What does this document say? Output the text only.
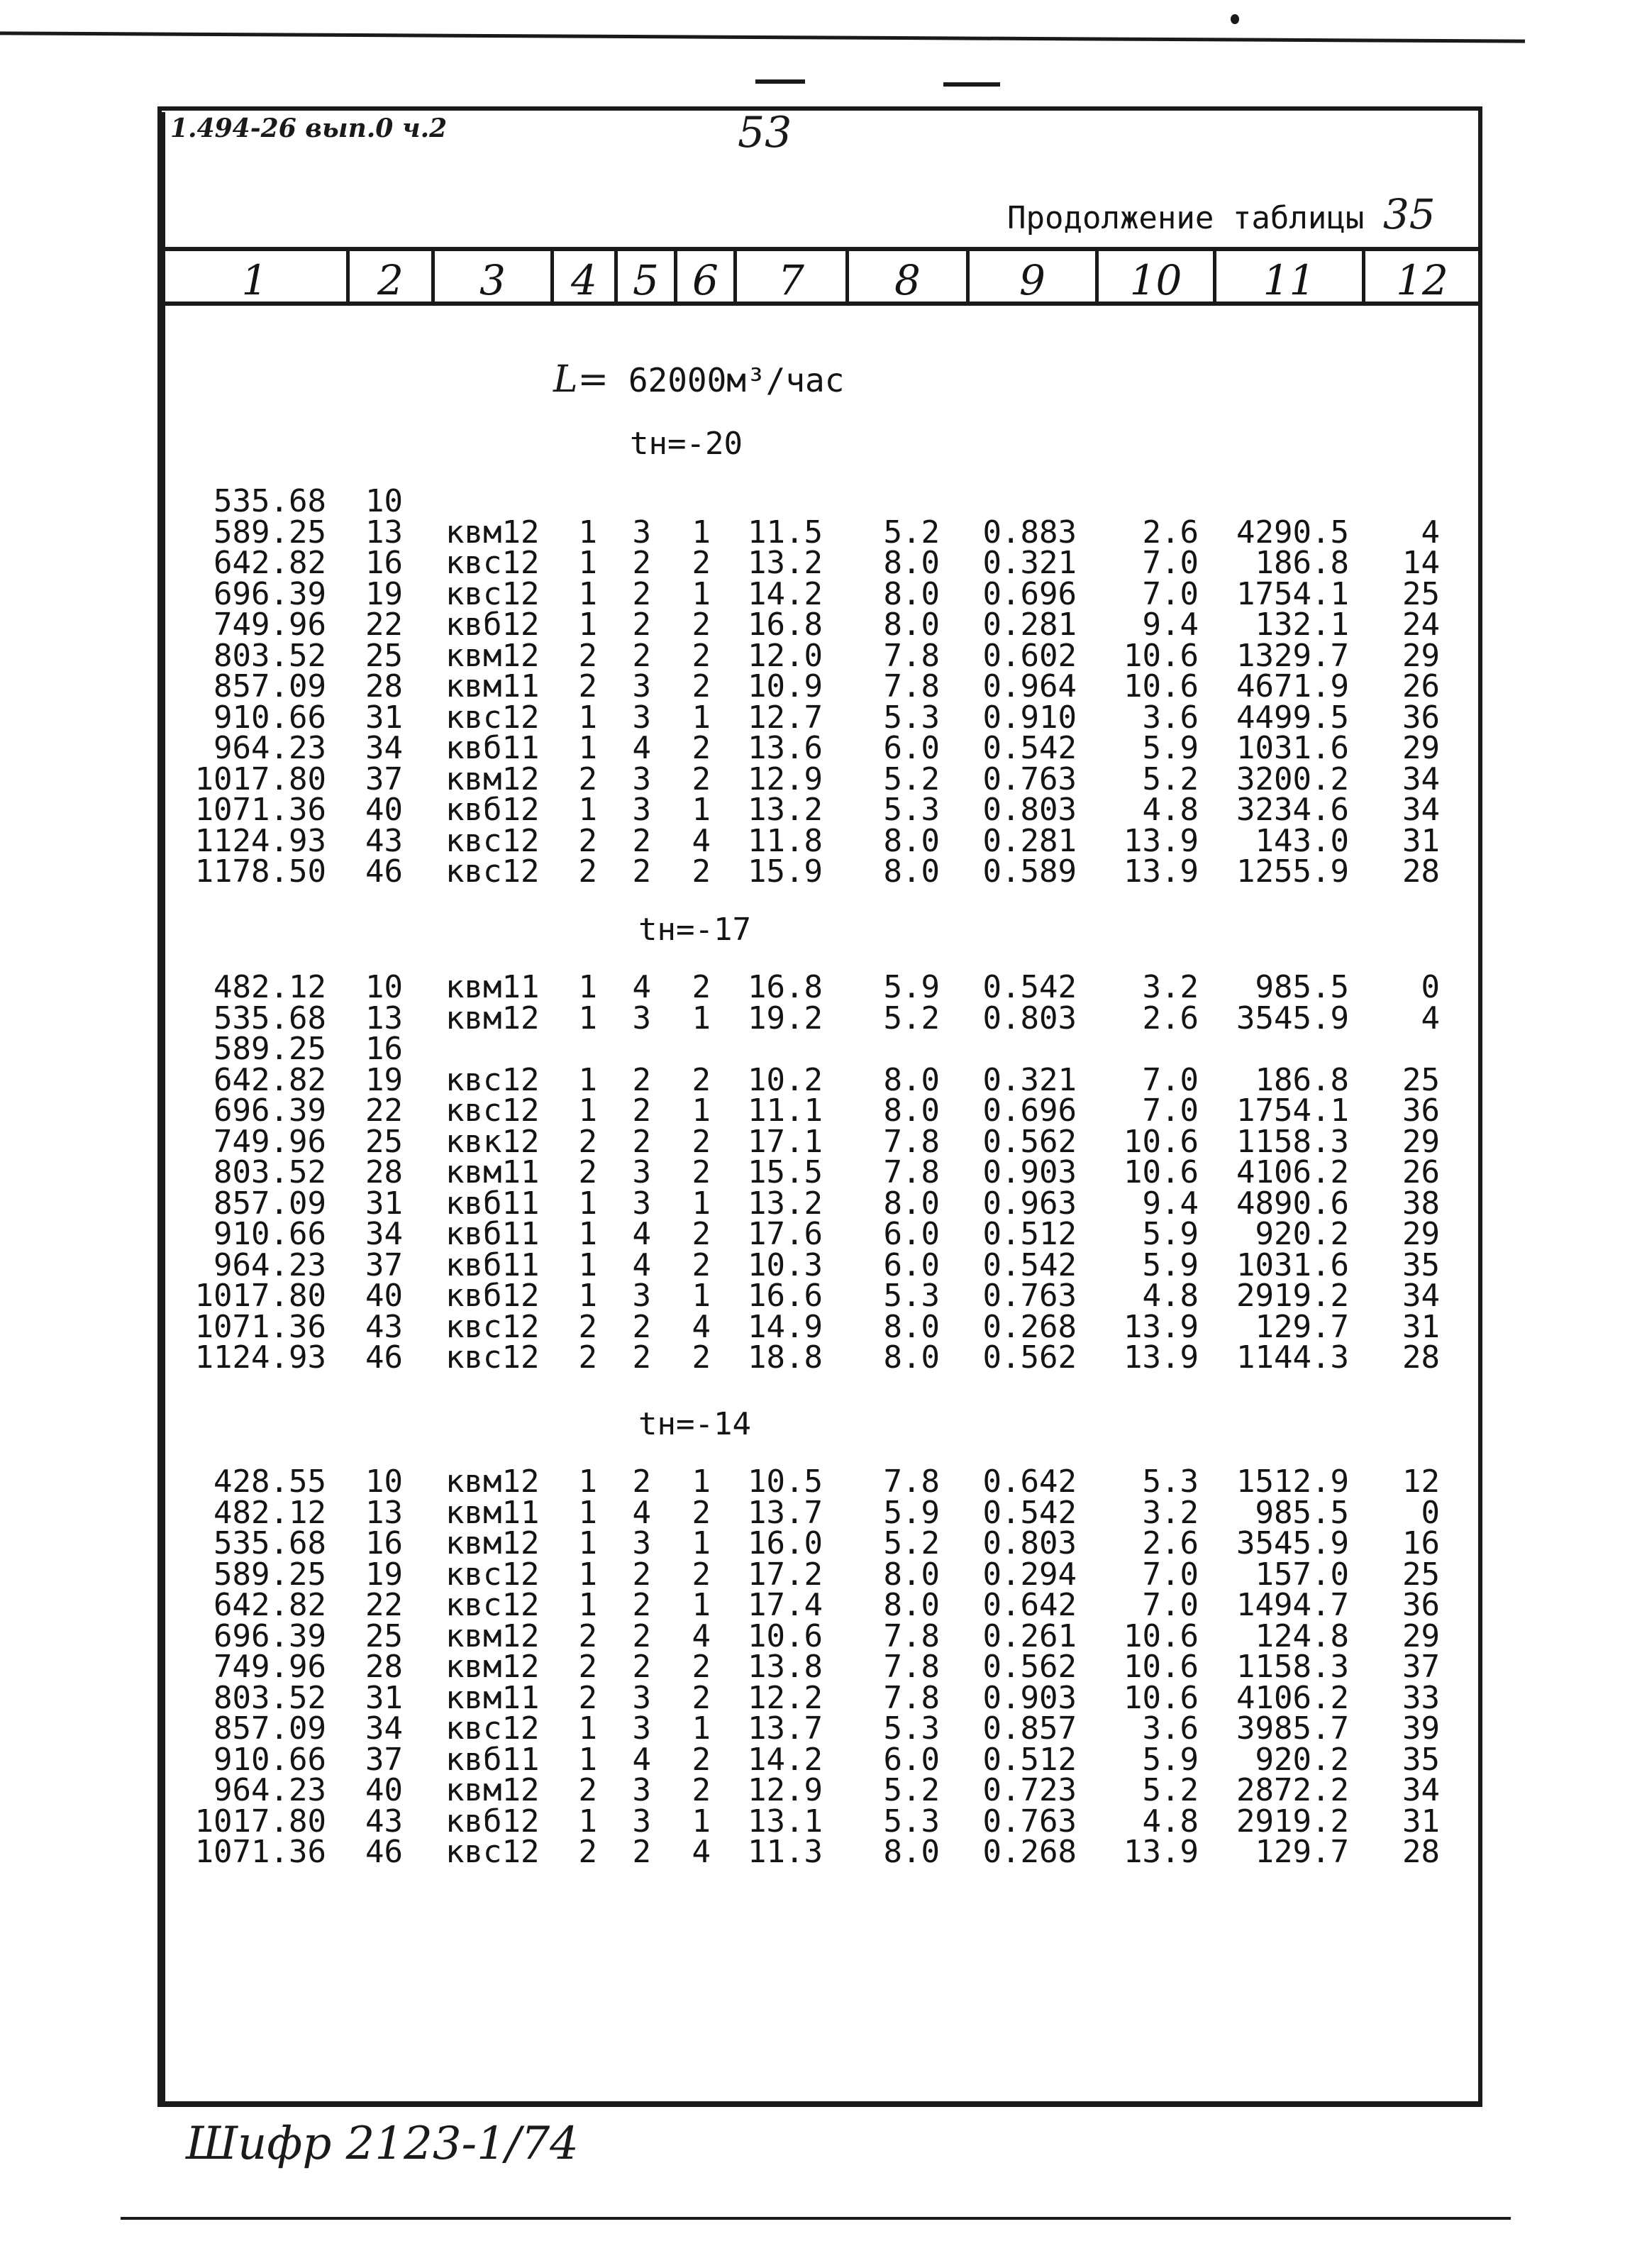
1.494-26 вып.0 ч.2	53
Продолжение таблицы 35
1	2	3	4 5 6	7	8	9	10	11	12
L= 62000м³/час
tн=-20
535.68 10
589.25 13 квм12 1 3 1 11.5 5.2 0.883 2.6 4290.5 4
642.82 16 квс12 1 2 2 13.2 8.0 0.321 7.0 186.8 14
696.39 19 квс12 1 2 1 14.2 8.0 0.696 7.0 1754.1 25
749.96 22 квб12 1 2 2 16.8 8.0 0.281 9.4 132.1 24
803.52 25 квм12 2 2 2 12.0 7.8 0.602 10.6 1329.7 29
857.09 28 квм11 2 3 2 10.9 7.8 0.964 10.6 4671.9 26
910.66 31 квс12 1 3 1 12.7 5.3 0.910 3.6 4499.5 36
964.23 34 квб11 1 4 2 13.6 6.0 0.542 5.9 1031.6 29
1017.80 37 квм12 2 3 2 12.9 5.2 0.763 5.2 3200.2 34
1071.36 40 квб12 1 3 1 13.2 5.3 0.803 4.8 3234.6 34
1124.93 43 квс12 2 2 4 11.8 8.0 0.281 13.9 143.0 31
1178.50 46 квс12 2 2 2 15.9 8.0 0.589 13.9 1255.9 28
tн=-17
482.12 10 квм11 1 4 2 16.8 5.9 0.542 3.2 985.5 0
535.68 13 квм12 1 3 1 19.2 5.2 0.803 2.6 3545.9 4
589.25 16
642.82 19 квс12 1 2 2 10.2 8.0 0.321 7.0 186.8 25
696.39 22 квс12 1 2 1 11.1 8.0 0.696 7.0 1754.1 36
749.96 25 квк12 2 2 2 17.1 7.8 0.562 10.6 1158.3 29
803.52 28 квм11 2 3 2 15.5 7.8 0.903 10.6 4106.2 26
857.09 31 квб11 1 3 1 13.2 8.0 0.963 9.4 4890.6 38
910.66 34 квб11 1 4 2 17.6 6.0 0.512 5.9 920.2 29
964.23 37 квб11 1 4 2 10.3 6.0 0.542 5.9 1031.6 35
1017.80 40 квб12 1 3 1 16.6 5.3 0.763 4.8 2919.2 34
1071.36 43 квс12 2 2 4 14.9 8.0 0.268 13.9 129.7 31
1124.93 46 квс12 2 2 2 18.8 8.0 0.562 13.9 1144.3 28
tн=-14
428.55 10 квм12 1 2 1 10.5 7.8 0.642 5.3 1512.9 12
482.12 13 квм11 1 4 2 13.7 5.9 0.542 3.2 985.5 0
535.68 16 квм12 1 3 1 16.0 5.2 0.803 2.6 3545.9 16
589.25 19 квс12 1 2 2 17.2 8.0 0.294 7.0 157.0 25
642.82 22 квс12 1 2 1 17.4 8.0 0.642 7.0 1494.7 36
696.39 25 квм12 2 2 4 10.6 7.8 0.261 10.6 124.8 29
749.96 28 квм12 2 2 2 13.8 7.8 0.562 10.6 1158.3 37
803.52 31 квм11 2 3 2 12.2 7.8 0.903 10.6 4106.2 33
857.09 34 квс12 1 3 1 13.7 5.3 0.857 3.6 3985.7 39
910.66 37 квб11 1 4 2 14.2 6.0 0.512 5.9 920.2 35
964.23 40 квм12 2 3 2 12.9 5.2 0.723 5.2 2872.2 34
1017.80 43 квб12 1 3 1 13.1 5.3 0.763 4.8 2919.2 31
1071.36 46 квс12 2 2 4 11.3 8.0 0.268 13.9 129.7 28
Шифр 2123-1/74
